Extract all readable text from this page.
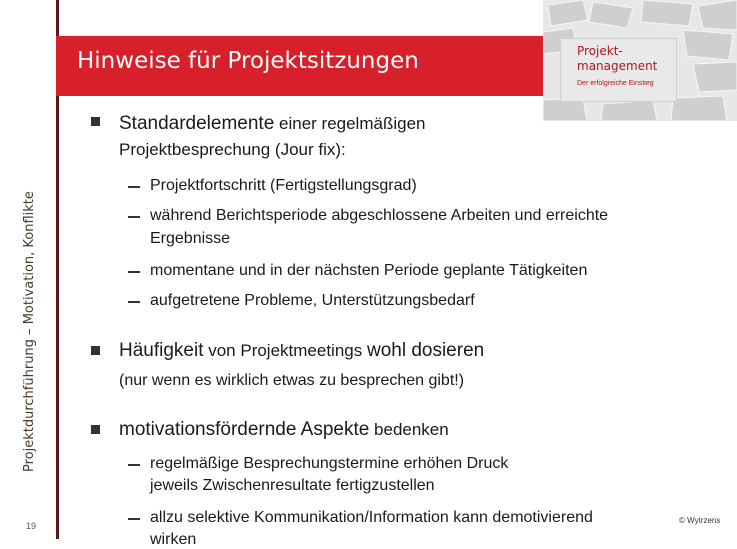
Projektdurchführung – Motivation, Konflikte
19
Hinweise für Projektsitzungen	Projekt-
management
Der erfolgreiche Einstieg
Standardelemente einer regelmäßigen
Projektbesprechung (Jour fix):
Projektfortschritt (Fertigstellungsgrad)
während Berichtsperiode abgeschlossene Arbeiten und erreichte
Ergebnisse
momentane und in der nächsten Periode geplante Tätigkeiten
aufgetretene Probleme, Unterstützungsbedarf
Häufigkeit von Projektmeetings wohl dosieren
(nur wenn es wirklich etwas zu besprechen gibt!)
motivationsfördernde Aspekte bedenken
regelmäßige Besprechungstermine erhöhen Druck
jeweils Zwischenresultate fertigzustellen
allzu selektive Kommunikation/Information kann demotivierend
wirken
© Wytrzens
